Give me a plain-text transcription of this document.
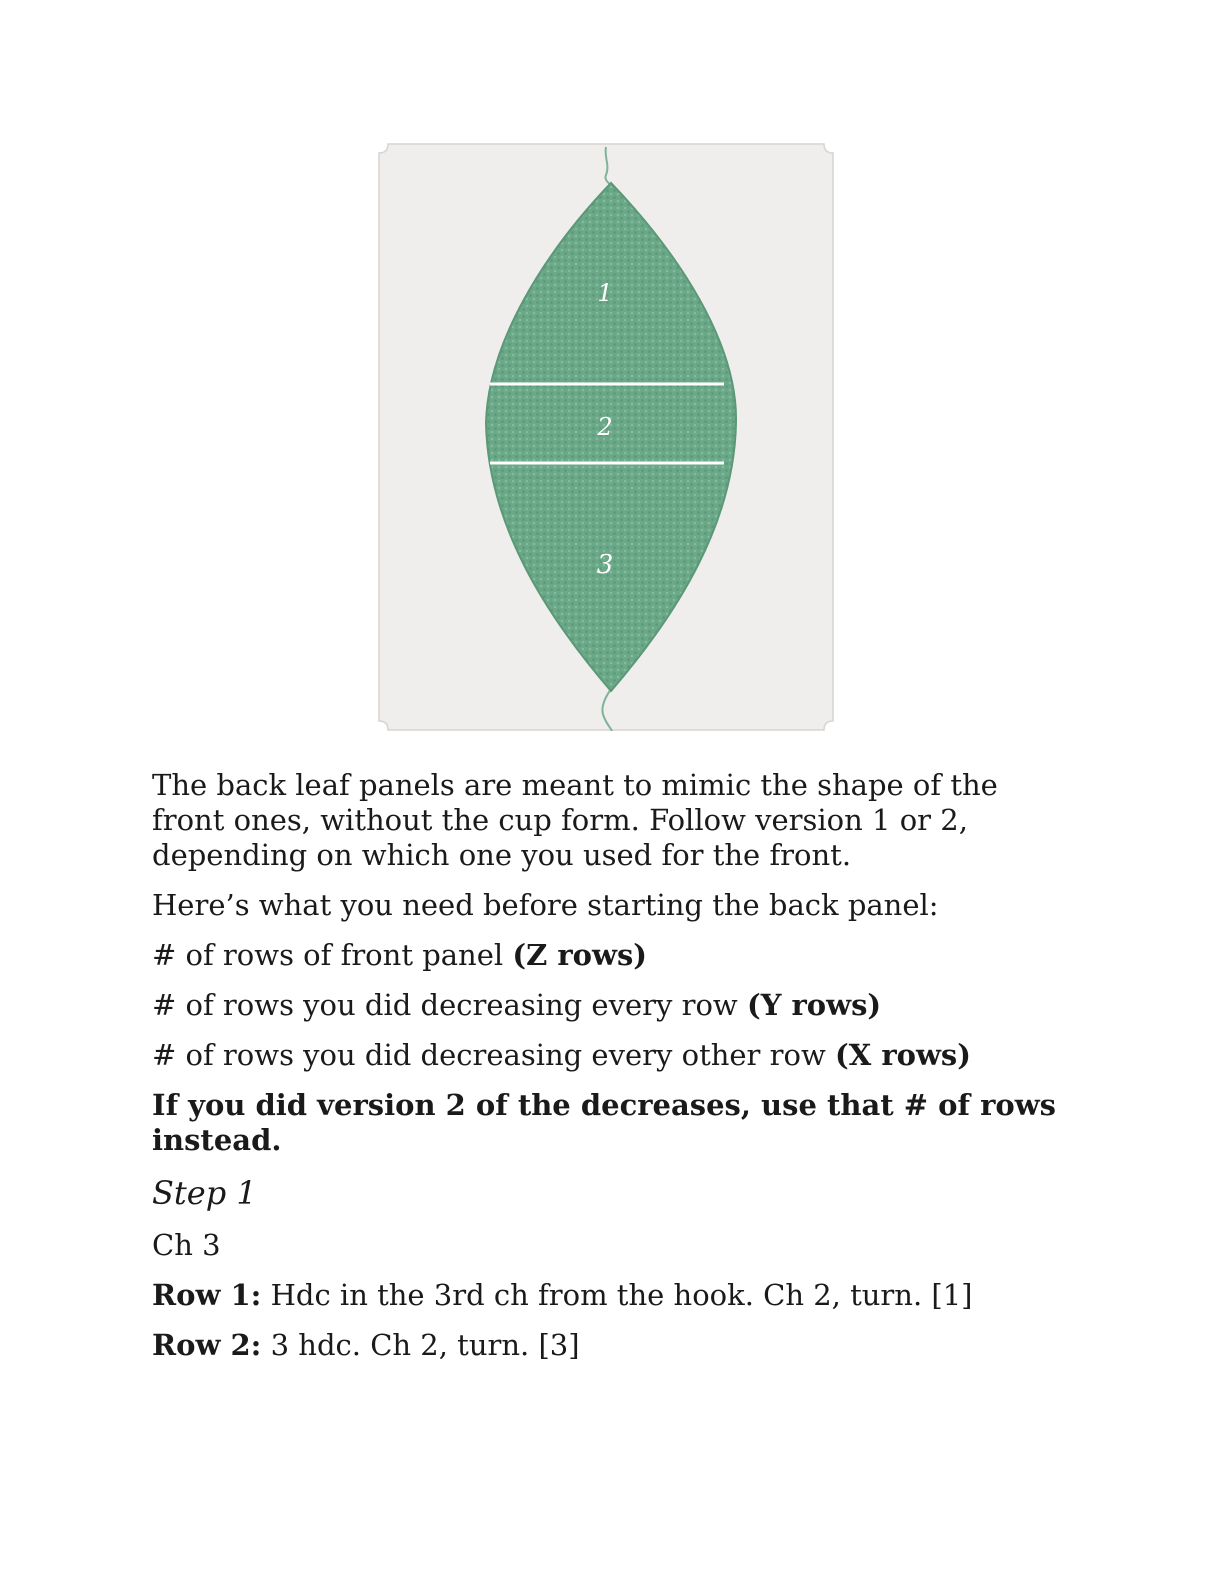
1
2
3

The back leaf panels are meant to mimic the shape of the front ones, without the cup form. Follow version 1 or 2, depending on which one you used for the front.

Here’s what you need before starting the back panel:

# of rows of front panel (Z rows)

# of rows you did decreasing every row (Y rows)

# of rows you did decreasing every other row (X rows)

If you did version 2 of the decreases, use that # of rows instead.

Step 1

Ch 3

Row 1: Hdc in the 3rd ch from the hook. Ch 2, turn. [1]

Row 2: 3 hdc. Ch 2, turn. [3]
